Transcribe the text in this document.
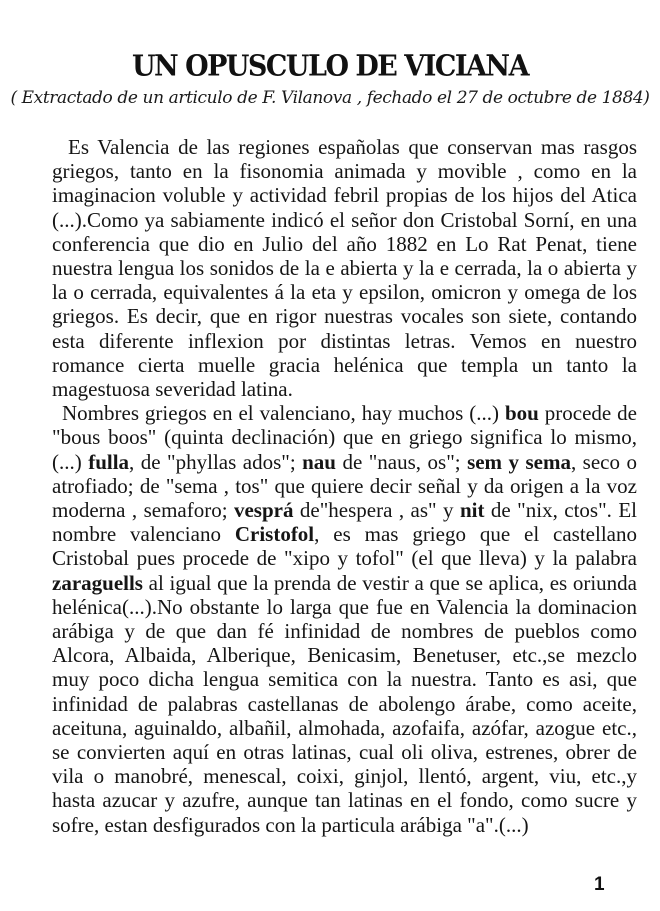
UN OPUSCULO DE VICIANA
( Extractado de un articulo de F. Vilanova , fechado el 27 de octubre de 1884)

Es Valencia de las regiones españolas que conservan mas rasgos griegos, tanto en la fisonomia animada y movible , como en la imaginacion voluble y actividad febril propias de los hijos del Atica (...).Como ya sabiamente indicó el señor don Cristobal Sorní, en una conferencia que dio en Julio del año 1882 en Lo Rat Penat, tiene nuestra lengua los sonidos de la e abierta y la e cerrada, la o abierta y la o cerrada, equivalentes á la eta y epsilon, omicron y omega de los griegos. Es decir, que en rigor nuestras vocales son siete, contando esta diferente inflexion por distintas letras. Vemos en nuestro romance cierta muelle gracia helénica que templa un tanto la magestuosa severidad latina.

Nombres griegos en el valenciano, hay muchos (...) bou procede de "bous boos" (quinta declinación) que en griego significa lo mismo, (...) fulla, de "phyllas ados"; nau de "naus, os"; sem y sema, seco o atrofiado; de "sema , tos" que quiere decir señal y da origen a la voz moderna , semaforo; vesprá de"hespera , as" y nit de "nix, ctos". El nombre valenciano Cristofol, es mas griego que el castellano Cristobal pues procede de "xipo y tofol" (el que lleva) y la palabra zaraguells al igual que la prenda de vestir a que se aplica, es oriunda helénica(...).No obstante lo larga que fue en Valencia la dominacion arábiga y de que dan fé infinidad de nombres de pueblos como Alcora, Albaida, Alberique, Benicasim, Benetuser, etc.,se mezclo muy poco dicha lengua semitica con la nuestra. Tanto es asi, que infinidad de palabras castellanas de abolengo árabe, como aceite, aceituna, aguinaldo, albañil, almohada, azofaifa, azófar, azogue etc., se convierten aquí en otras latinas, cual oli oliva, estrenes, obrer de vila o manobré, menescal, coixi, ginjol, llentó, argent, viu, etc.,y hasta azucar y azufre, aunque tan latinas en el fondo, como sucre y sofre, estan desfigurados con la particula arábiga "a".(...)

1
